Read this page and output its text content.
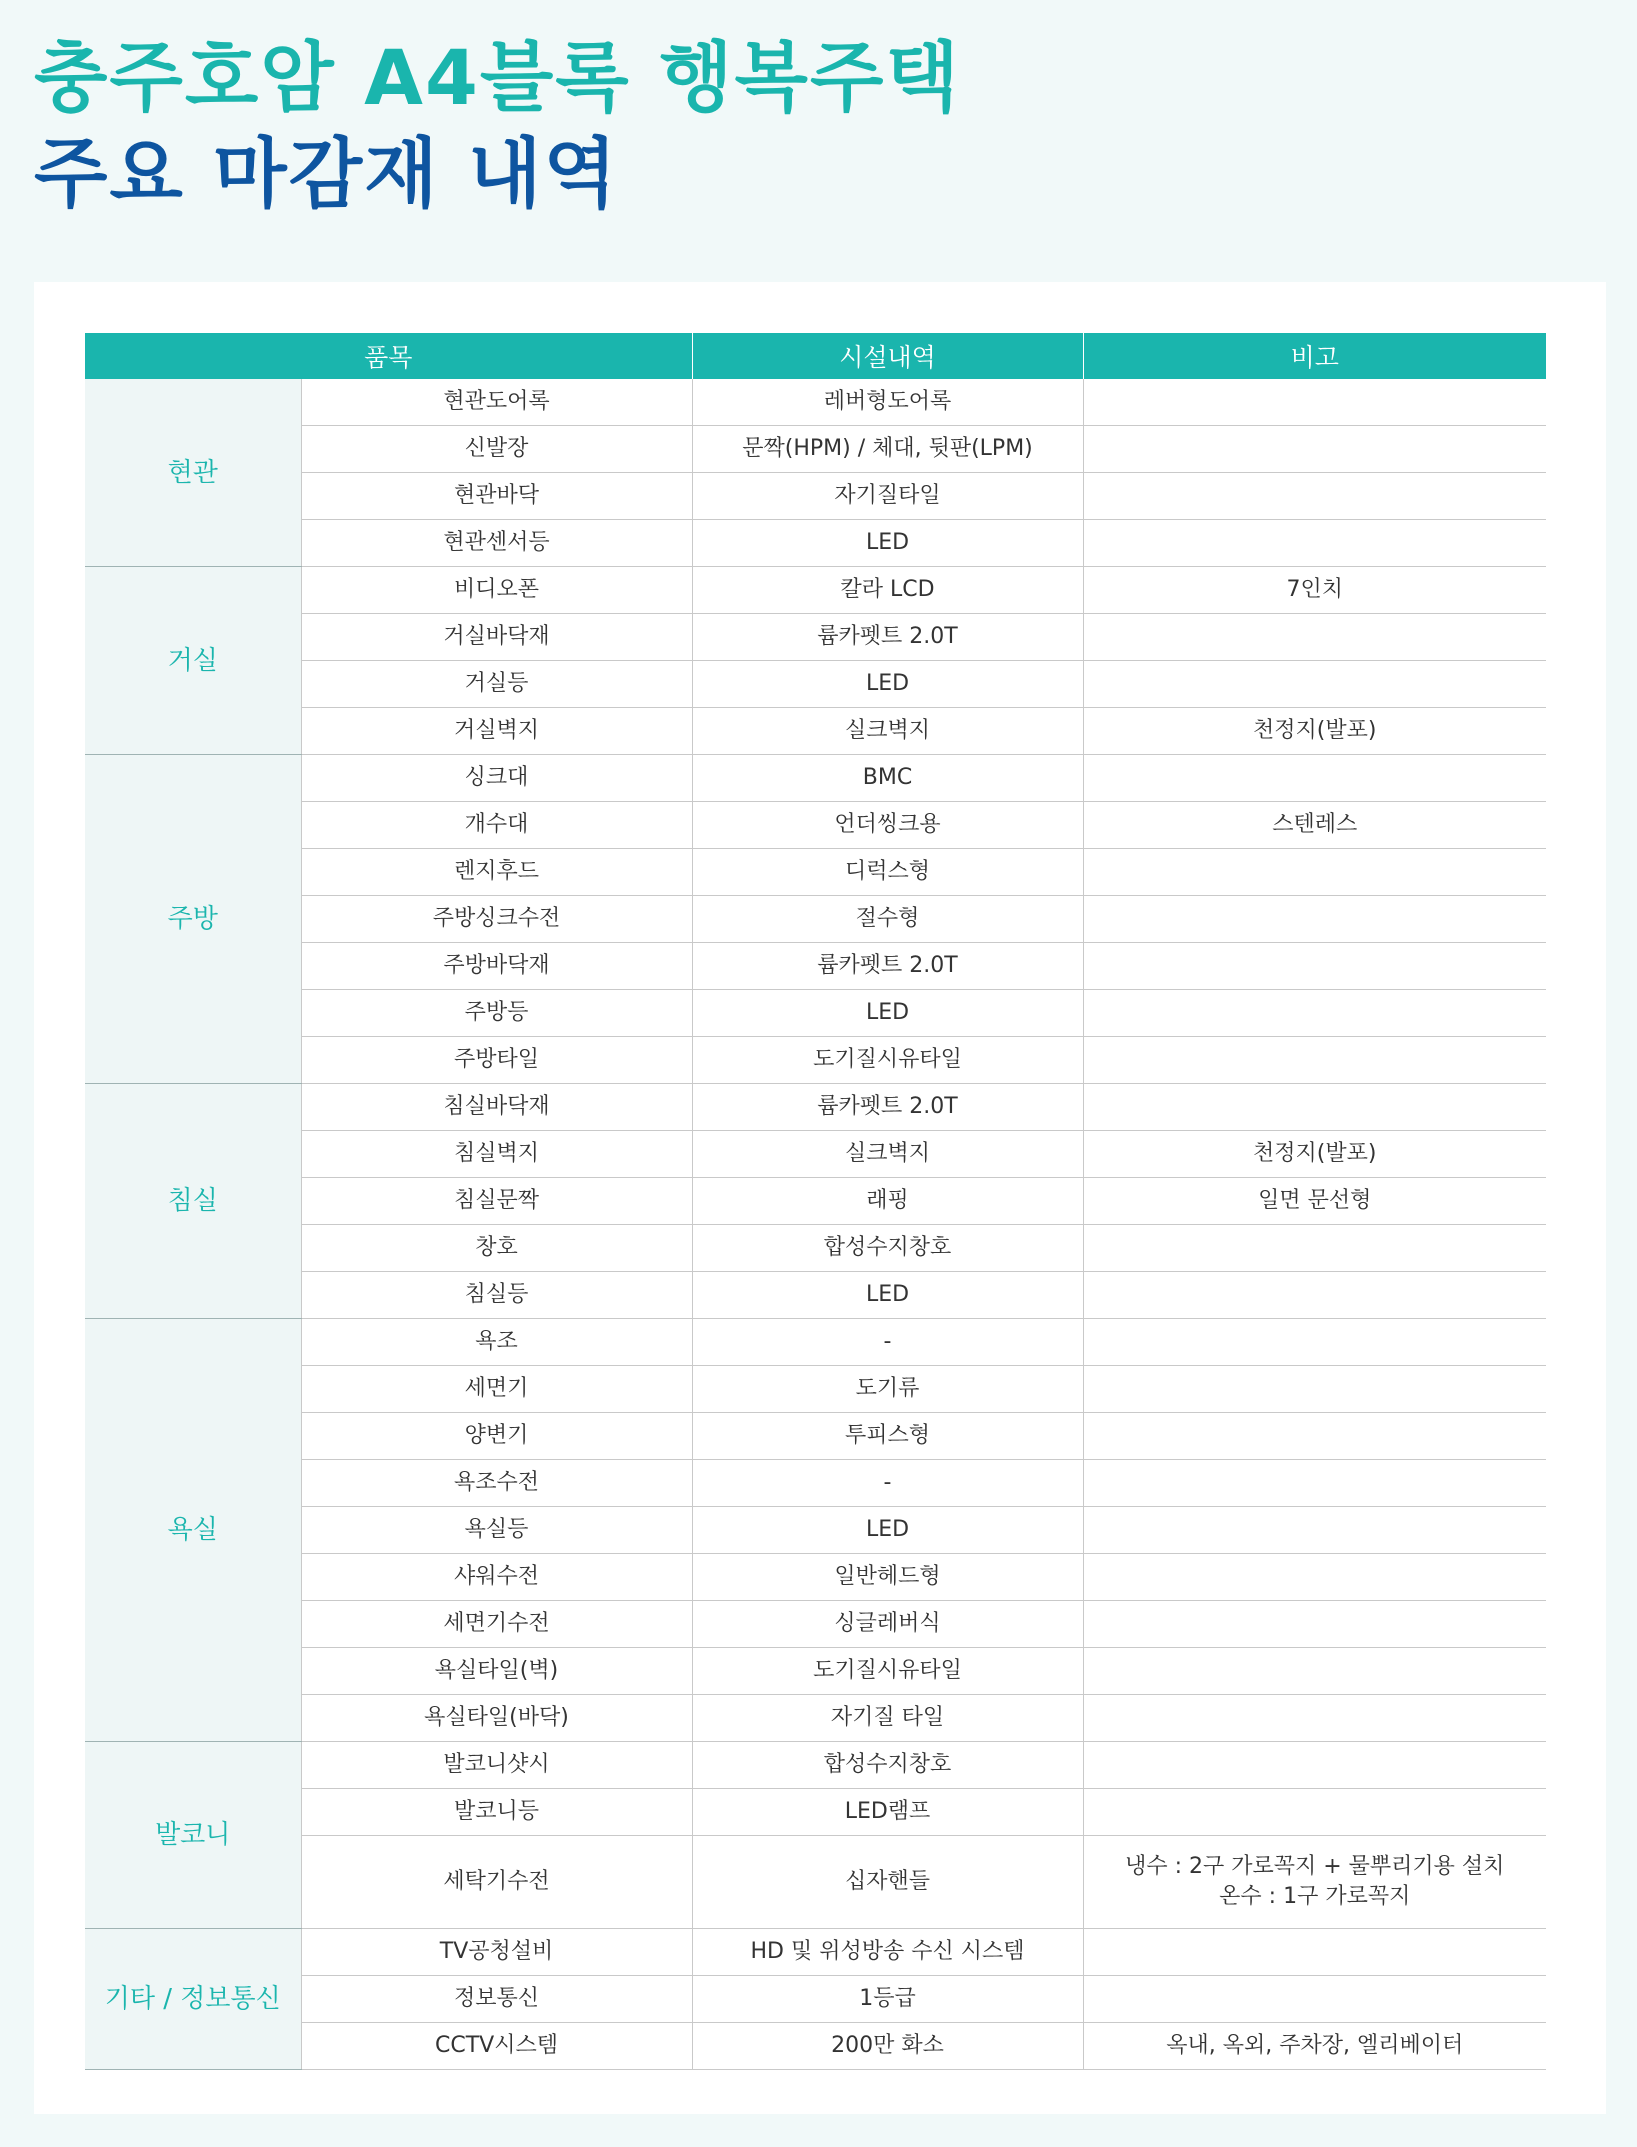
충주호암 A4블록 행복주택
주요 마감재 내역
품목		시설내역	비고
현관	현관도어록	레버형도어록	
	신발장	문짝(HPM) / 체대, 뒷판(LPM)	
	현관바닥	자기질타일	
	현관센서등	LED	
거실	비디오폰	칼라 LCD	7인치
	거실바닥재	륨카펫트 2.0T	
	거실등	LED	
	거실벽지	실크벽지	천정지(발포)
주방	싱크대	BMC	
	개수대	언더씽크용	스텐레스
	렌지후드	디럭스형	
	주방싱크수전	절수형	
	주방바닥재	륨카펫트 2.0T	
	주방등	LED	
	주방타일	도기질시유타일	
침실	침실바닥재	륨카펫트 2.0T	
	침실벽지	실크벽지	천정지(발포)
	침실문짝	래핑	일면 문선형
	창호	합성수지창호	
	침실등	LED	
욕실	욕조	-	
	세면기	도기류	
	양변기	투피스형	
	욕조수전	-	
	욕실등	LED	
	샤워수전	일반헤드형	
	세면기수전	싱글레버식	
	욕실타일(벽)	도기질시유타일	
	욕실타일(바닥)	자기질 타일	
발코니	발코니샷시	합성수지창호	
	발코니등	LED램프	
	세탁기수전	십자핸들	냉수 : 2구 가로꼭지 + 물뿌리기용 설치
온수 : 1구 가로꼭지

기타 / 정보통신	TV공청설비	HD 및 위성방송 수신 시스템	
	정보통신	1등급	
	CCTV시스템	200만 화소	옥내, 옥외, 주차장, 엘리베이터
